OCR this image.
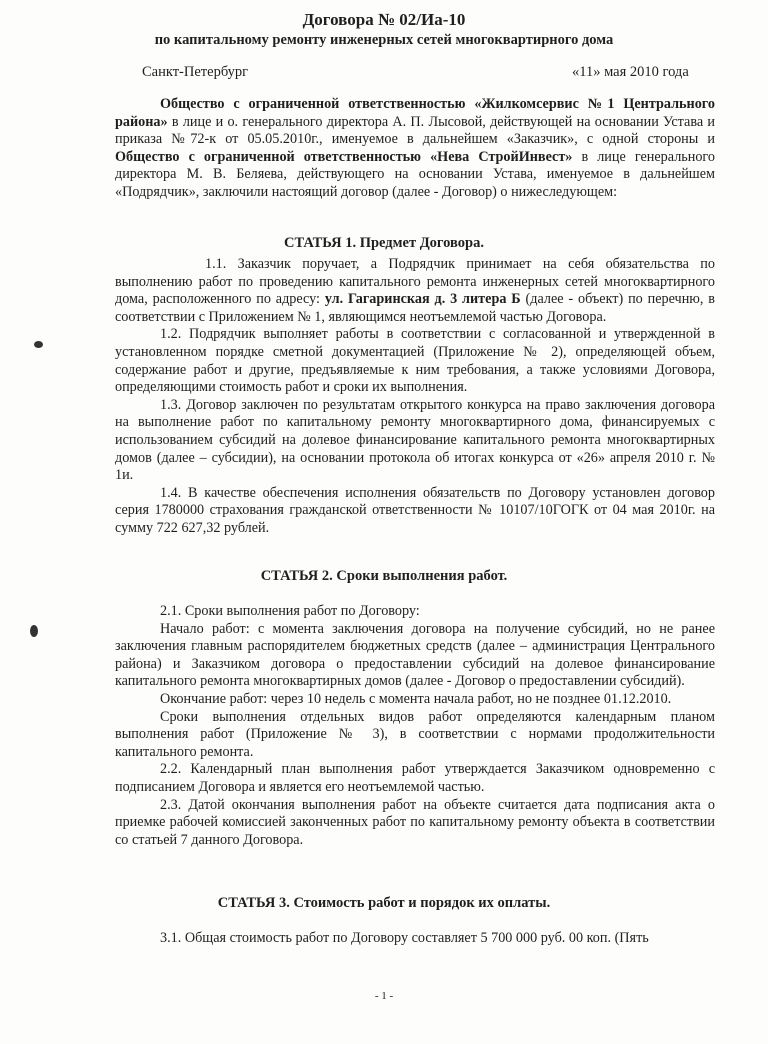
Договора № 02/Иа-10
по капитальному ремонту инженерных сетей многоквартирного дома
Санкт-Петербург	«11» мая 2010 года

Общество с ограниченной ответственностью «Жилкомсервис №1 Центрального района» в лице и о. генерального директора А. П. Лысовой, действующей на основании Устава и приказа №72-к от 05.05.2010г., именуемое в дальнейшем «Заказчик», с одной стороны и Общество с ограниченной ответственностью «Нева СтройИнвест» в лице генерального директора М. В. Беляева, действующего на основании Устава, именуемое в дальнейшем «Подрядчик», заключили настоящий договор (далее - Договор) о нижеследующем:

СТАТЬЯ 1. Предмет Договора.

1.1. Заказчик поручает, а Подрядчик принимает на себя обязательства по выполнению работ по проведению капитального ремонта инженерных сетей многоквартирного дома, расположенного по адресу: ул. Гагаринская д. 3 литера Б (далее - объект) по перечню, в соответствии с Приложением № 1, являющимся неотъемлемой частью Договора.

1.2. Подрядчик выполняет работы в соответствии с согласованной и утвержденной в установленном порядке сметной документацией (Приложение № 2), определяющей объем, содержание работ и другие, предъявляемые к ним требования, а также условиями Договора, определяющими стоимость работ и сроки их выполнения.

1.3. Договор заключен по результатам открытого конкурса на право заключения договора на выполнение работ по капитальному ремонту многоквартирного дома, финансируемых с использованием субсидий на долевое финансирование капитального ремонта многоквартирных домов (далее – субсидии), на основании протокола об итогах конкурса от «26» апреля 2010 г. № 1и.

1.4. В качестве обеспечения исполнения обязательств по Договору установлен договор серия 1780000 страхования гражданской ответственности № 10107/10ГОГК от 04 мая 2010г. на сумму 722 627,32 рублей.

СТАТЬЯ 2. Сроки выполнения работ.

2.1. Сроки выполнения работ по Договору:

Начало работ: с момента заключения договора на получение субсидий, но не ранее заключения главным распорядителем бюджетных средств (далее – администрация Центрального района) и Заказчиком договора о предоставлении субсидий на долевое финансирование капитального ремонта многоквартирных домов (далее - Договор о предоставлении субсидий).

Окончание работ: через 10 недель с момента начала работ, но не позднее 01.12.2010.

Сроки выполнения отдельных видов работ определяются календарным планом выполнения работ (Приложение № 3), в соответствии с нормами продолжительности капитального ремонта.

2.2. Календарный план выполнения работ утверждается Заказчиком одновременно с подписанием Договора и является его неотъемлемой частью.

2.3. Датой окончания выполнения работ на объекте считается дата подписания акта о приемке рабочей комиссией законченных работ по капитальному ремонту объекта в соответствии со статьей 7 данного Договора.

СТАТЬЯ 3. Стоимость работ и порядок их оплаты.

3.1. Общая стоимость работ по Договору составляет 5 700 000 руб. 00 коп. (Пять

- 1 -
